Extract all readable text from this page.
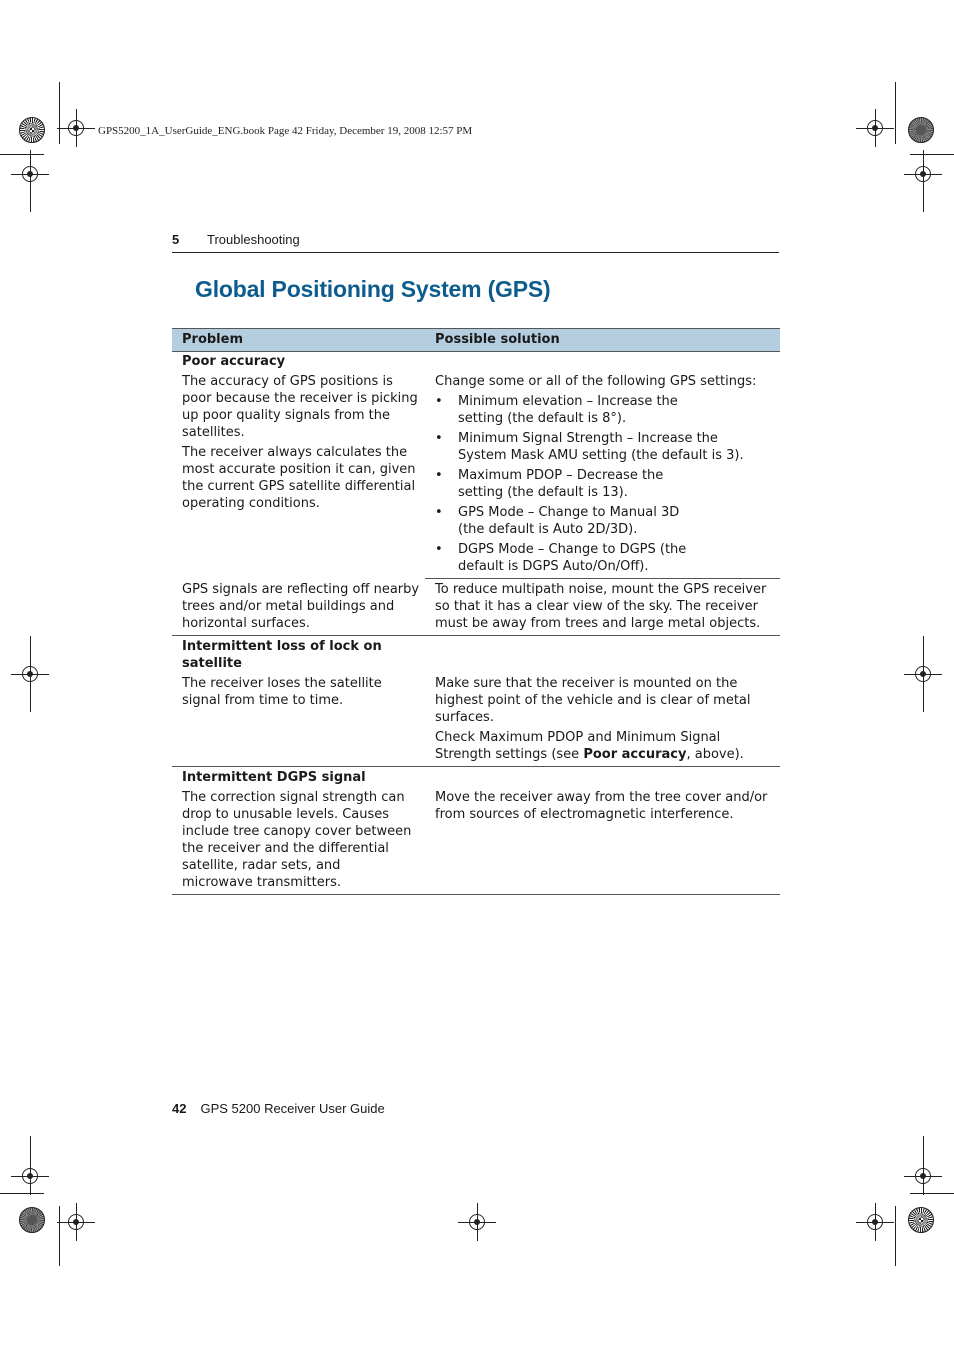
GPS5200_1A_UserGuide_ENG.book Page 42 Friday, December 19, 2008 12:57 PM
5 Troubleshooting
Global Positioning System (GPS)
Problem	Possible solution
Poor accuracy
The accuracy of GPS positions is poor because the receiver is picking up poor quality signals from the satellites.
The receiver always calculates the most accurate position it can, given the current GPS satellite differential operating conditions.
Change some or all of the following GPS settings:
• Minimum elevation – Increase the setting (the default is 8°).
• Minimum Signal Strength – Increase the System Mask AMU setting (the default is 3).
• Maximum PDOP – Decrease the setting (the default is 13).
• GPS Mode – Change to Manual 3D (the default is Auto 2D/3D).
• DGPS Mode – Change to DGPS (the default is DGPS Auto/On/Off).
GPS signals are reflecting off nearby trees and/or metal buildings and horizontal surfaces.
To reduce multipath noise, mount the GPS receiver so that it has a clear view of the sky. The receiver must be away from trees and large metal objects.
Intermittent loss of lock on satellite
The receiver loses the satellite signal from time to time.
Make sure that the receiver is mounted on the highest point of the vehicle and is clear of metal surfaces.
Check Maximum PDOP and Minimum Signal Strength settings (see Poor accuracy, above).
Intermittent DGPS signal
The correction signal strength can drop to unusable levels. Causes include tree canopy cover between the receiver and the differential satellite, radar sets, and microwave transmitters.
Move the receiver away from the tree cover and/or from sources of electromagnetic interference.
42 GPS 5200 Receiver User Guide
